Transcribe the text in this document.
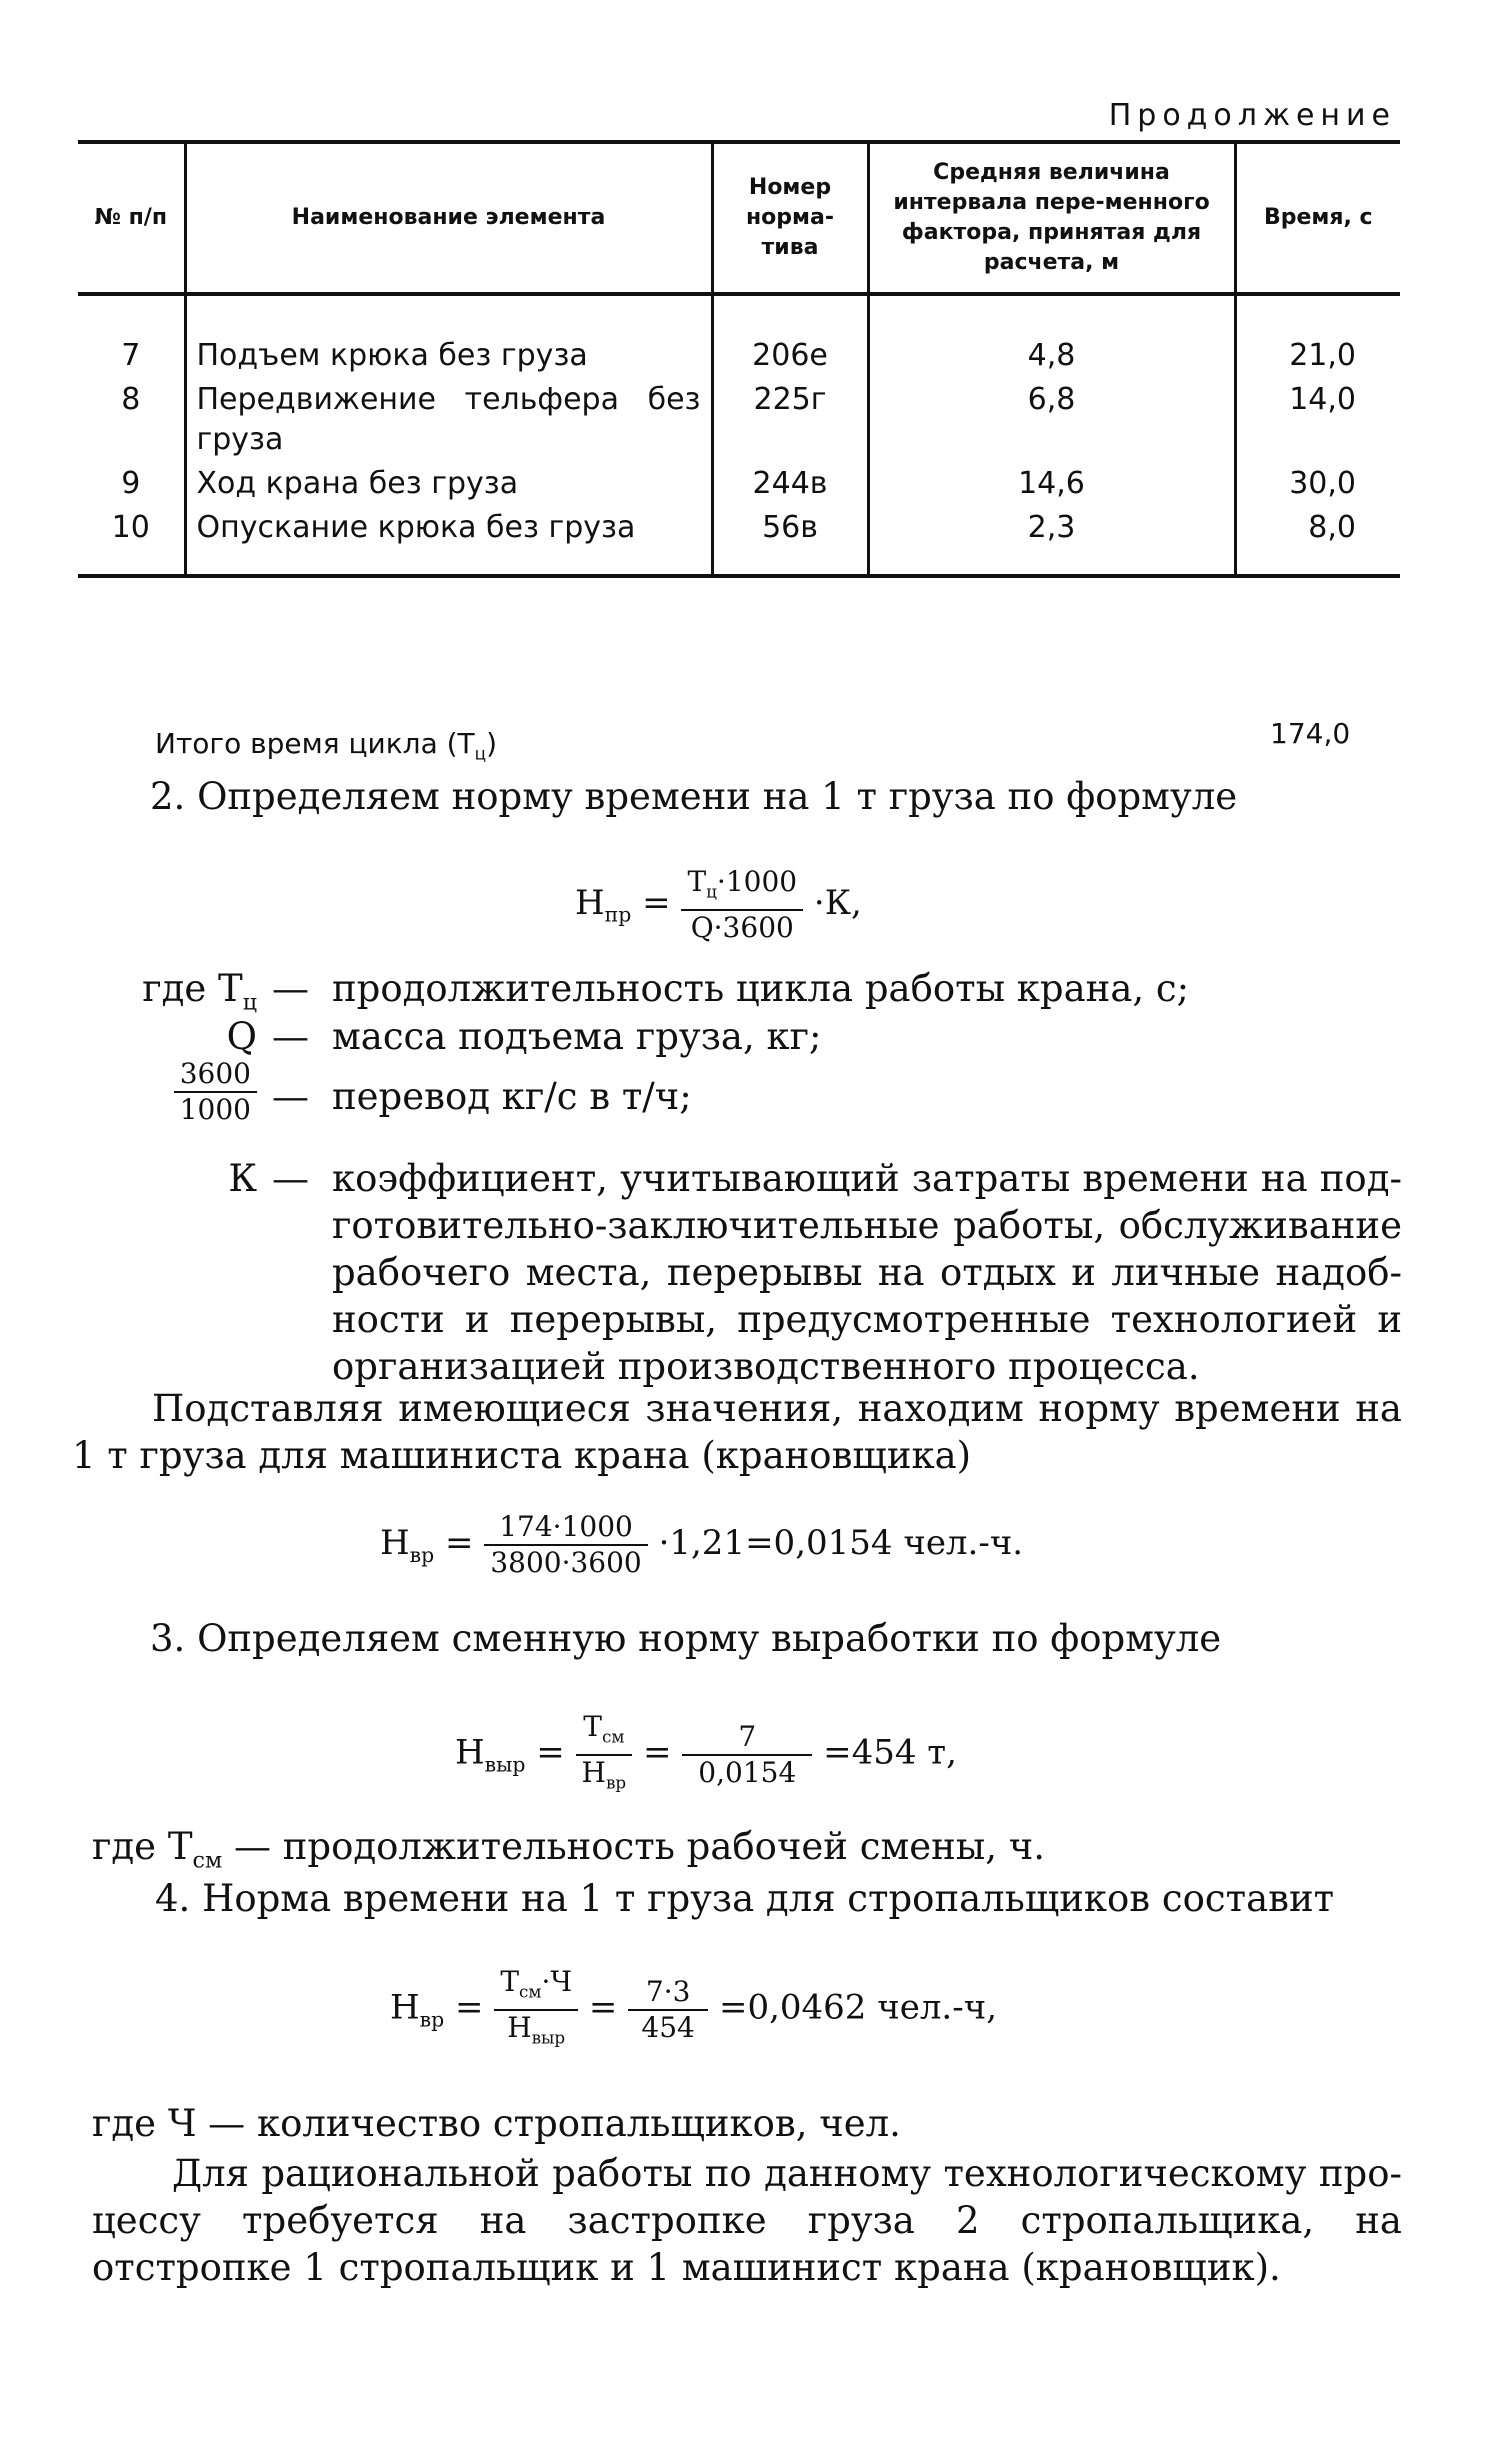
Продолжение
№ п/п	Наименование элемента	Номер норма-тива	Средняя величина интервала пере-менного фактора, принятая для расчета, м	Время, с
7	Подъем крюка без груза	206е	4,8	21,0
8	Передвижение тельфера без груза	225г	6,8	14,0
9	Ход крана без груза	244в	14,6	30,0
10	Опускание крюка без груза	56в	2,3	8,0
Итого время цикла $(Т_ц)$	174,0
2. Определяем норму времени на 1 т груза по формуле
$Н_{пр} = \frac{Т_ц\cdot 1000}{Q\cdot 3600} \cdot К$,
где $Т_ц$ — продолжительность цикла работы крана, с;
Q — масса подъема груза, кг;
$\frac{3600}{1000}$ — перевод кг/с в т/ч;
К — коэффициент, учитывающий затраты времени на под-готовительно-заключительные работы, обслуживание рабочего места, перерывы на отдых и личные надоб-ности и перерывы, предусмотренные технологией и организацией производственного процесса.
Подставляя имеющиеся значения, находим норму времени на 1 т груза для машиниста крана (крановщика)
$Н_{вр} = \frac{174\cdot 1000}{3800\cdot 3600} \cdot 1,21=0,0154$ чел.-ч.
3. Определяем сменную норму выработки по формуле
$Н_{выр} = \frac{Т_{см}}{Н_{вр}} = \frac{7}{0,0154} =454$ т,
где $Т_{см}$ — продолжительность рабочей смены, ч.
4. Норма времени на 1 т груза для стропальщиков составит
$Н_{вр} = \frac{Т_{см}\cdot Ч}{Н_{выр}} = \frac{7\cdot 3}{454} =0,0462$ чел.-ч,
где Ч — количество стропальщиков, чел.
Для рациональной работы по данному технологическому про-цессу требуется на застропке груза 2 стропальщика, на отстропке 1 стропальщик и 1 машинист крана (крановщик).
